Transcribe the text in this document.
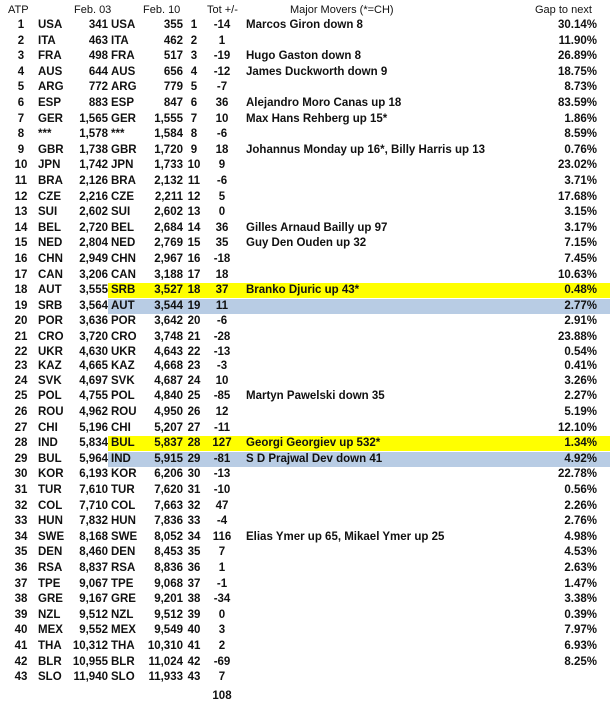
ATP	Feb. 03	Feb. 10 Tot +/-	Major Movers (*=CH)	Gap to next
1	USA	341 USA	355 1	-14	Marcos Giron down 8	30.14%
2	ITA	463 ITA	462 2	1	11.90%
3	FRA	498 FRA	517 3	-19	Hugo Gaston down 8	26.89%
4	AUS	644 AUS	656 4	-12	James Duckworth down 9	18.75%
5	ARG	772 ARG	779 5	-7	8.73%
6	ESP	883 ESP	847 6	36	Alejandro Moro Canas up 18	83.59%
7	GER	1,565 GER	1,555 7	10	Max Hans Rehberg up 15*	1.86%
8	***	1,578 ***	1,584 8	-6	8.59%
9	GBR	1,738 GBR	1,720 9	18	Johannus Monday up 16*, Billy Harris up 13	0.76%
10 JPN	1,742 JPN	1,733 10	9	23.02%
11 BRA	2,126 BRA	2,132 11	-6	3.71%
12 CZE	2,216 CZE	2,211 12	5	17.68%
13 SUI	2,602 SUI	2,602 13	0	3.15%
14 BEL	2,720 BEL	2,684 14	36	Gilles Arnaud Bailly up 97	3.17%
15 NED	2,804 NED	2,769 15	35	Guy Den Ouden up 32	7.15%
16 CHN	2,949 CHN	2,967 16	-18	7.45%
17 CAN	3,206 CAN	3,188 17	18	10.63%
18 AUT	3,555 SRB	3,527 18	37	Branko Djuric up 43*	0.48%
19 SRB	3,564 AUT	3,544 19	11	2.77%
20 POR	3,636 POR	3,642 20	-6	2.91%
21 CRO	3,720 CRO	3,748 21	-28	23.88%
22 UKR	4,630 UKR	4,643 22	-13	0.54%
23 KAZ	4,665 KAZ	4,668 23	-3	0.41%
24 SVK	4,697 SVK	4,687 24	10	3.26%
25 POL	4,755 POL	4,840 25	-85	Martyn Pawelski down 35	2.27%
26 ROU	4,962 ROU	4,950 26	12	5.19%
27 CHI	5,196 CHI	5,207 27	-11	12.10%
28 IND	5,834 BUL	5,837 28	127	Georgi Georgiev up 532*	1.34%
29 BUL	5,964 IND	5,915 29	-81	S D Prajwal Dev down 41	4.92%
30 KOR	6,193 KOR	6,206 30	-13	22.78%
31 TUR	7,610 TUR	7,620 31	-10	0.56%
32 COL	7,710 COL	7,663 32	47	2.26%
33 HUN	7,832 HUN	7,836 33	-4	2.76%
34 SWE	8,168 SWE	8,052 34	116	Elias Ymer up 65, Mikael Ymer up 25	4.98%
35 DEN	8,460 DEN	8,453 35	7	4.53%
36 RSA	8,837 RSA	8,836 36	1	2.63%
37 TPE	9,067 TPE	9,068 37	-1	1.47%
38 GRE	9,167 GRE	9,201 38	-34	3.38%
39 NZL	9,512 NZL	9,512 39	0	0.39%
40 MEX	9,552 MEX	9,549 40	3	7.97%
41 THA 10,312 THA	10,310 41	2	6.93%
42 BLR 10,955 BLR	11,024 42	-69	8.25%
43 SLO	11,940 SLO	11,933 43	7
108
